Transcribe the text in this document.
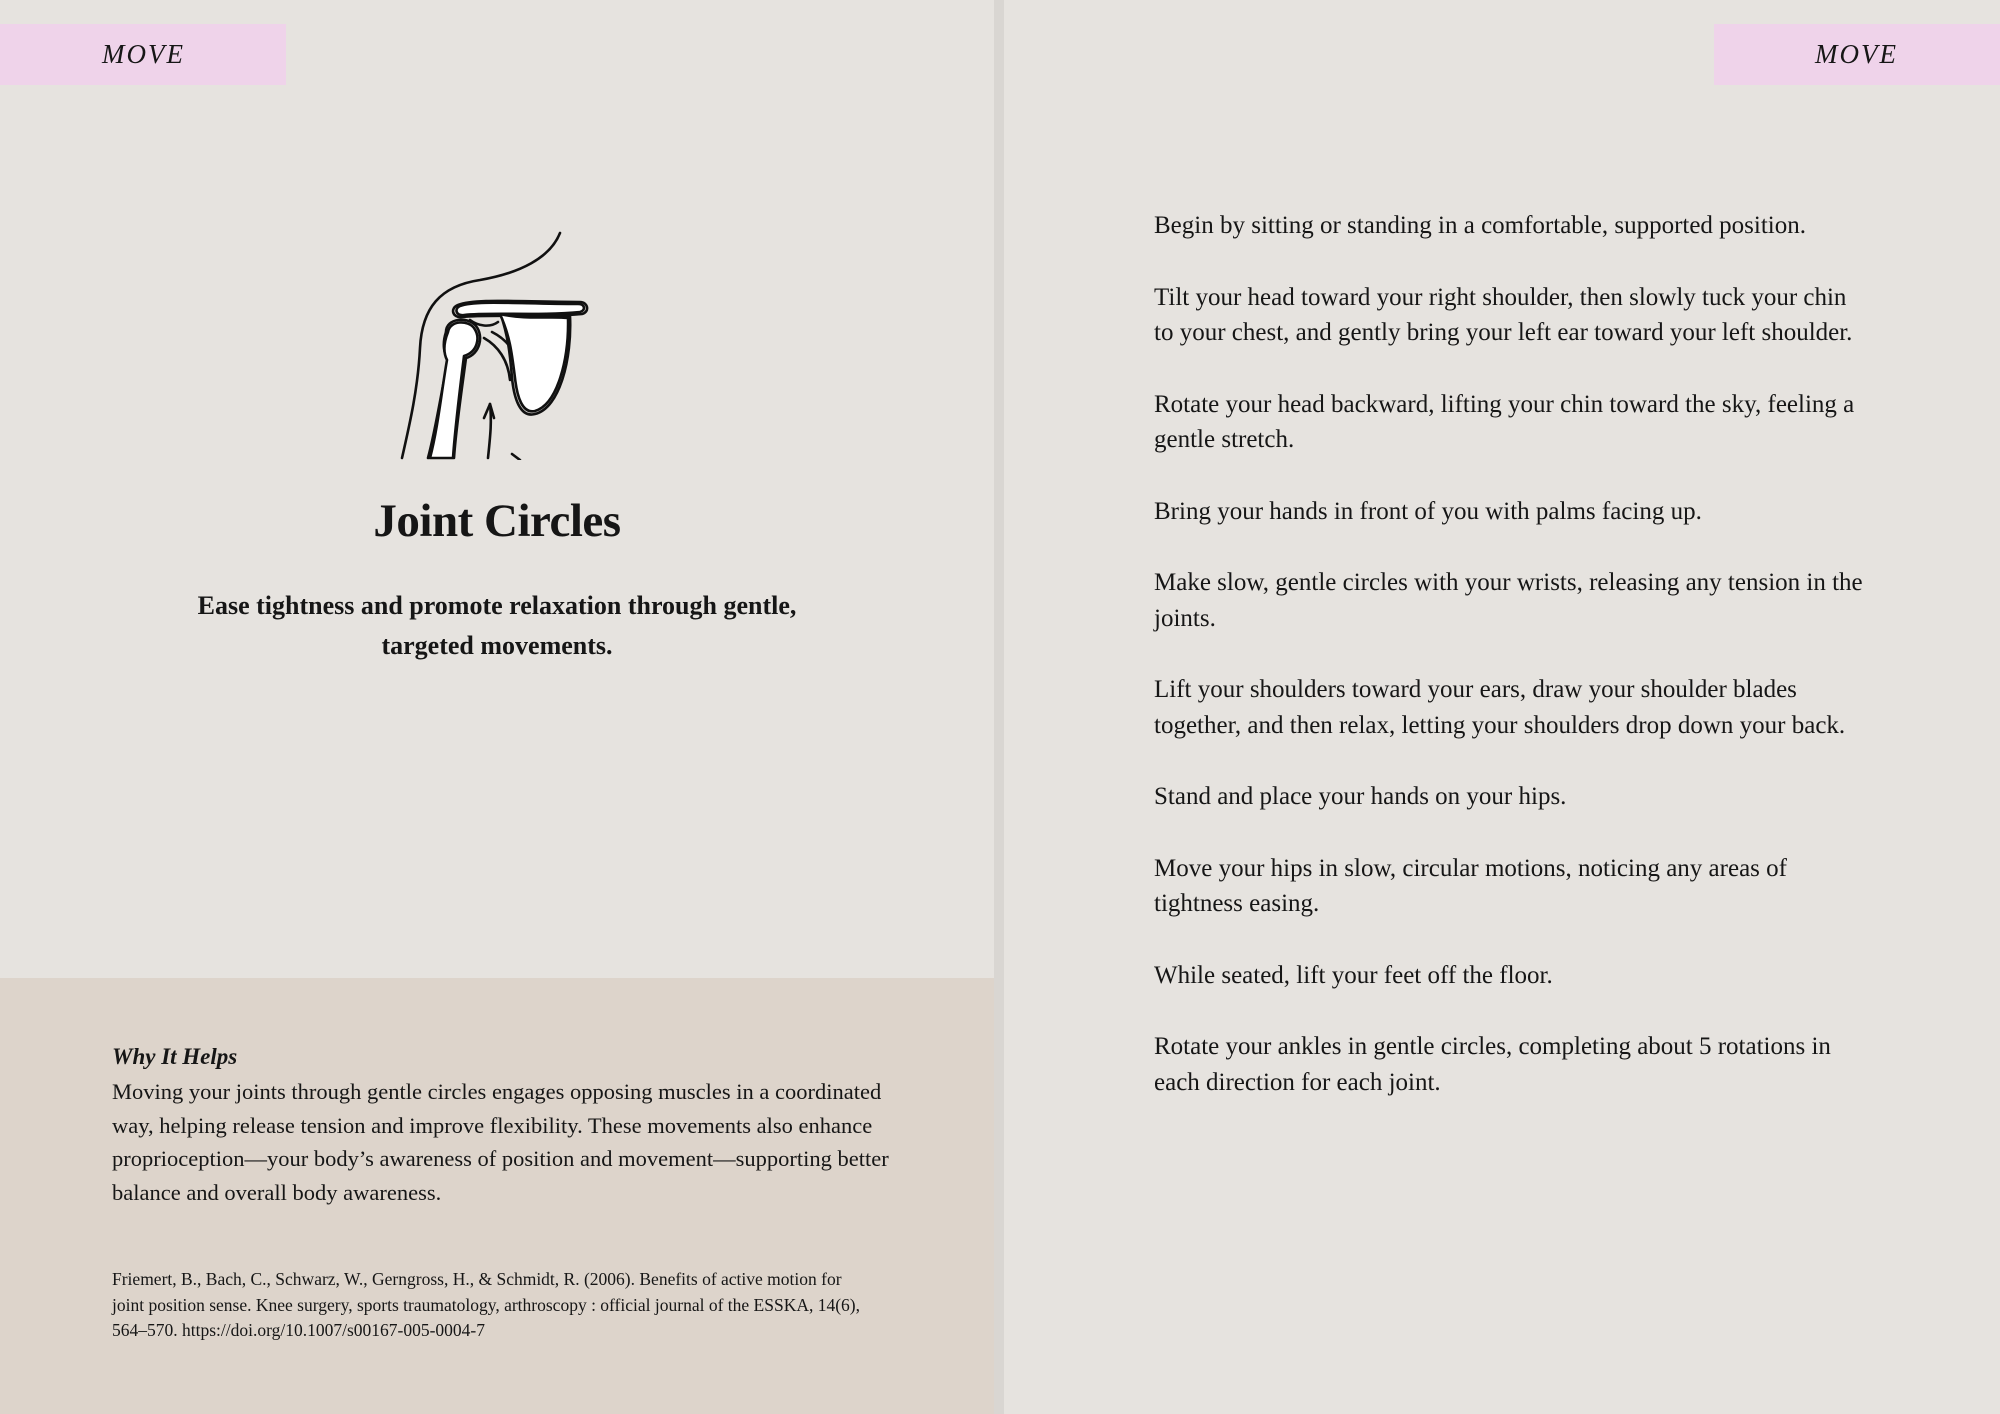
MOVE	MOVE
Joint Circles
Ease tightness and promote relaxation through gentle, targeted movements.
Why It Helps
Moving your joints through gentle circles engages opposing muscles in a coordinated way, helping release tension and improve flexibility. These movements also enhance proprioception—your body’s awareness of position and movement—supporting better balance and overall body awareness.
Friemert, B., Bach, C., Schwarz, W., Gerngross, H., & Schmidt, R. (2006). Benefits of active motion for joint position sense. Knee surgery, sports traumatology, arthroscopy : official journal of the ESSKA, 14(6), 564–570. https://doi.org/10.1007/s00167-005-0004-7
Begin by sitting or standing in a comfortable, supported position.
Tilt your head toward your right shoulder, then slowly tuck your chin to your chest, and gently bring your left ear toward your left shoulder.
Rotate your head backward, lifting your chin toward the sky, feeling a gentle stretch.
Bring your hands in front of you with palms facing up.
Make slow, gentle circles with your wrists, releasing any tension in the joints.
Lift your shoulders toward your ears, draw your shoulder blades together, and then relax, letting your shoulders drop down your back.
Stand and place your hands on your hips.
Move your hips in slow, circular motions, noticing any areas of tightness easing.
While seated, lift your feet off the floor.
Rotate your ankles in gentle circles, completing about 5 rotations in each direction for each joint.
